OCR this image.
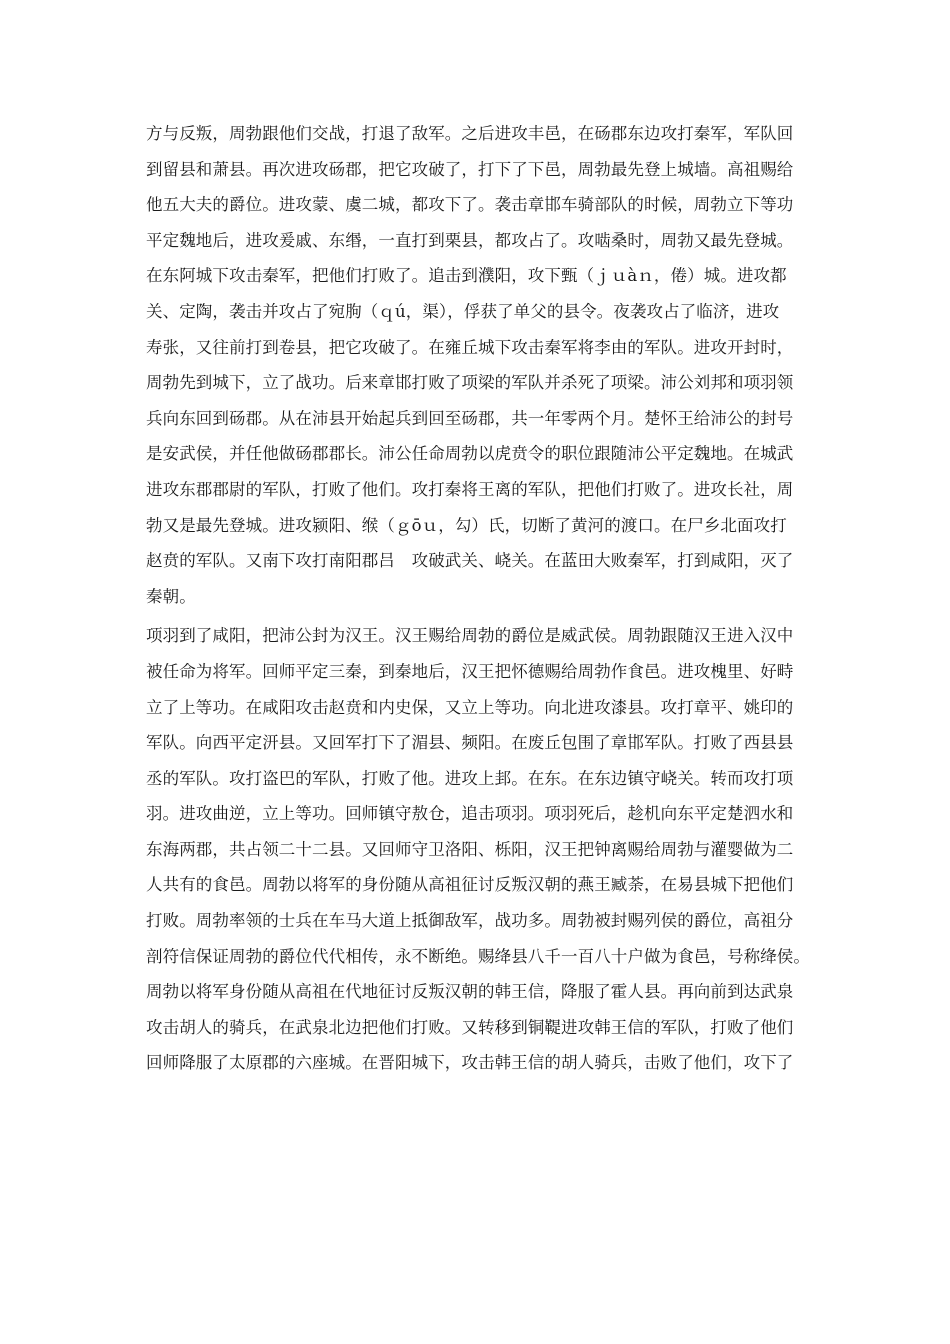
方与反叛，周勃跟他们交战，打退了敌军。之后进攻丰邑，在砀郡东边攻打秦军，军队回
到留县和萧县。再次进攻砀郡，把它攻破了，打下了下邑，周勃最先登上城墙。高祖赐给
他五大夫的爵位。进攻蒙、虞二城，都攻下了。袭击章邯车骑部队的时候，周勃立下等功
平定魏地后，进攻爰戚、东缗，一直打到栗县，都攻占了。攻啮桑时，周勃又最先登城。
在东阿城下攻击秦军，把他们打败了。追击到濮阳，攻下甄（ｊｕàｎ，倦）城。进攻都
关、定陶，袭击并攻占了宛朐（ｑú，渠），俘获了单父的县令。夜袭攻占了临济，进攻
寿张，又往前打到卷县，把它攻破了。在雍丘城下攻击秦军将李由的军队。进攻开封时，
周勃先到城下，立了战功。后来章邯打败了项梁的军队并杀死了项梁。沛公刘邦和项羽领
兵向东回到砀郡。从在沛县开始起兵到回至砀郡，共一年零两个月。楚怀王给沛公的封号
是安武侯，并任他做砀郡郡长。沛公任命周勃以虎贲令的职位跟随沛公平定魏地。在城武
进攻东郡郡尉的军队，打败了他们。攻打秦将王离的军队，把他们打败了。进攻长社，周
勃又是最先登城。进攻颍阳、缑（ｇōｕ，勾）氏，切断了黄河的渡口。在尸乡北面攻打
赵贲的军队。又南下攻打南阳郡吕　攻破武关、峣关。在蓝田大败秦军，打到咸阳，灭了
秦朝。
项羽到了咸阳，把沛公封为汉王。汉王赐给周勃的爵位是威武侯。周勃跟随汉王进入汉中
被任命为将军。回师平定三秦，到秦地后，汉王把怀德赐给周勃作食邑。进攻槐里、好畤
立了上等功。在咸阳攻击赵贲和内史保，又立上等功。向北进攻漆县。攻打章平、姚印的
军队。向西平定汧县。又回军打下了湄县、频阳。在废丘包围了章邯军队。打败了西县县
丞的军队。攻打盗巴的军队，打败了他。进攻上邽。在东。在东边镇守峣关。转而攻打项
羽。进攻曲逆，立上等功。回师镇守敖仓，追击项羽。项羽死后，趁机向东平定楚泗水和
东海两郡，共占领二十二县。又回师守卫洛阳、栎阳，汉王把钟离赐给周勃与灌婴做为二
人共有的食邑。周勃以将军的身份随从高祖征讨反叛汉朝的燕王臧荼，在易县城下把他们
打败。周勃率领的士兵在车马大道上抵御敌军，战功多。周勃被封赐列侯的爵位，高祖分
剖符信保证周勃的爵位代代相传，永不断绝。赐绛县八千一百八十户做为食邑，号称绛侯。
周勃以将军身份随从高祖在代地征讨反叛汉朝的韩王信，降服了霍人县。再向前到达武泉
攻击胡人的骑兵，在武泉北边把他们打败。又转移到铜鞮进攻韩王信的军队，打败了他们
回师降服了太原郡的六座城。在晋阳城下，攻击韩王信的胡人骑兵，击败了他们，攻下了
